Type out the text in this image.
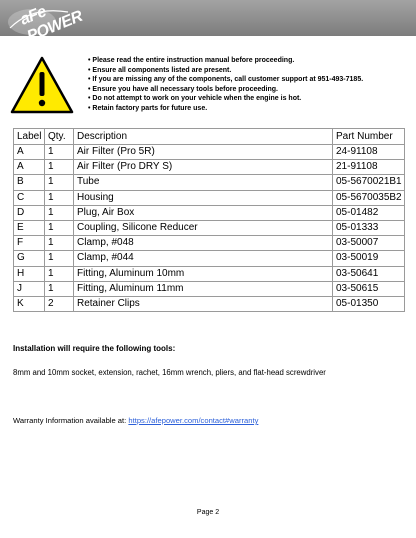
aFe POWER
• Please read the entire instruction manual before proceeding.
• Ensure all components listed are present.
• If you are missing any of the components, call customer support at 951-493-7185.
• Ensure you have all necessary tools before proceeding.
• Do not attempt to work on your vehicle when the engine is hot.
• Retain factory parts for future use.
Label	Qty.	Description	Part Number
A	1	Air Filter (Pro 5R)	24-91108
A	1	Air Filter (Pro DRY S)	21-91108
B	1	Tube	05-5670021B1
C	1	Housing	05-5670035B2
D	1	Plug, Air Box	05-01482
E	1	Coupling, Silicone Reducer	05-01333
F	1	Clamp, #048	03-50007
G	1	Clamp, #044	03-50019
H	1	Fitting, Aluminum 10mm	03-50641
J	1	Fitting, Aluminum 11mm	03-50615
K	2	Retainer Clips	05-01350

Installation will require the following tools:

8mm and 10mm socket, extension, rachet, 16mm wrench, pliers, and flat-head screwdriver

Warranty Information available at: https://afepower.com/contact#warranty

Page 2
